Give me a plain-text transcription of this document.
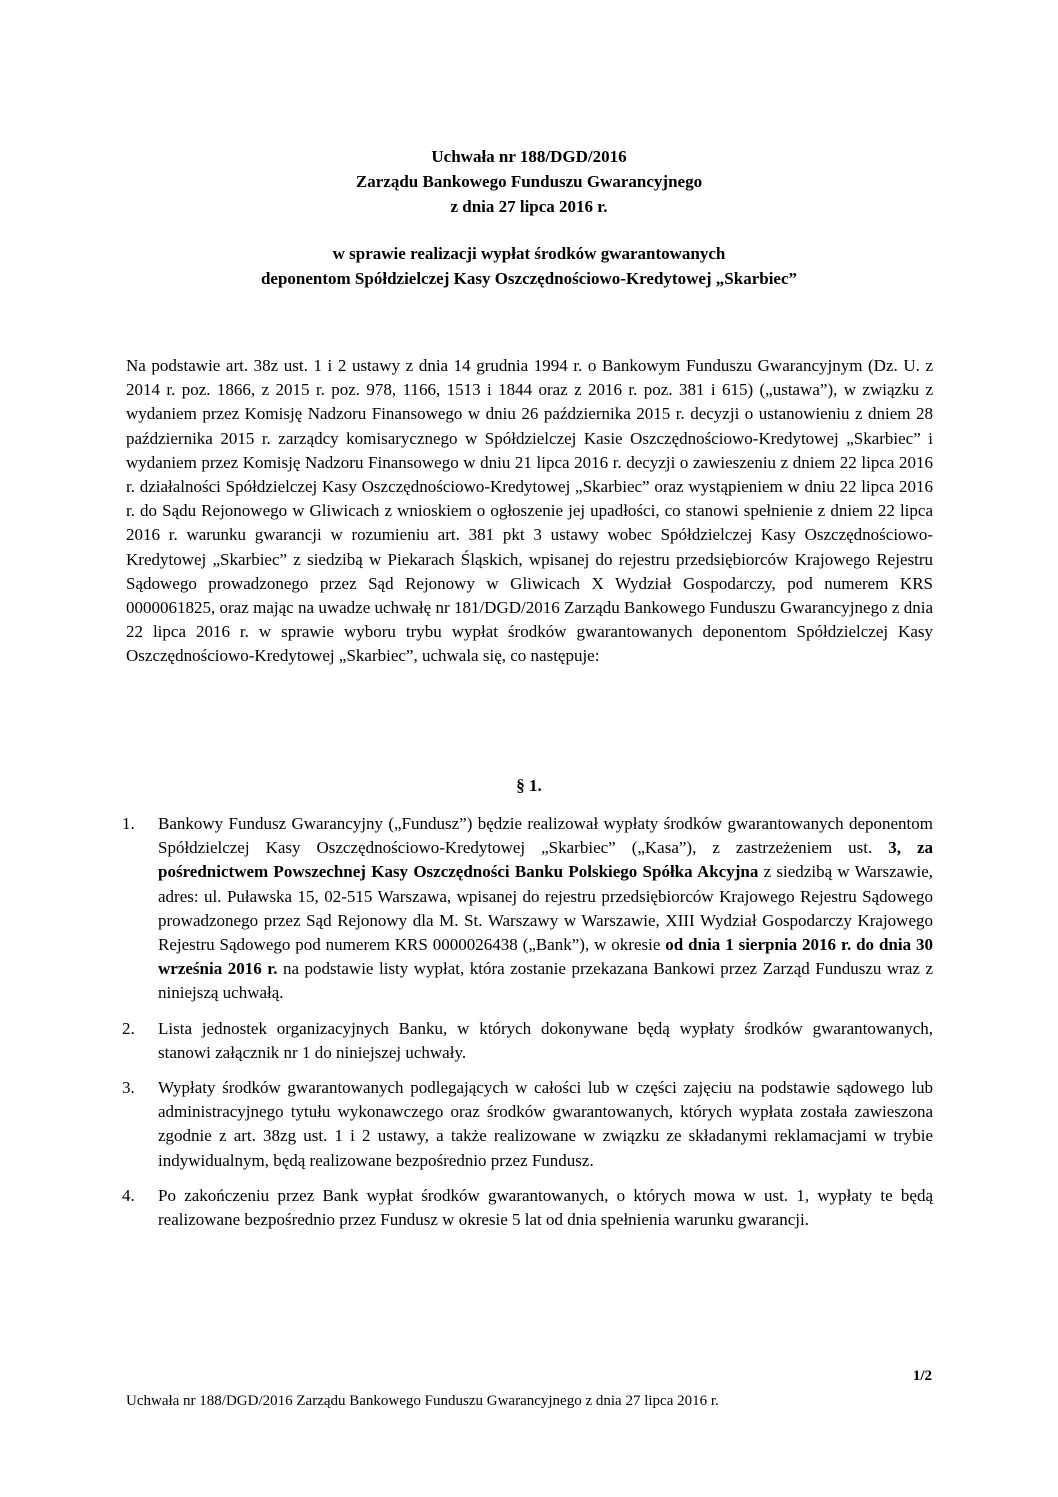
Uchwała nr 188/DGD/2016
Zarządu Bankowego Funduszu Gwarancyjnego
z dnia 27 lipca 2016 r.
w sprawie realizacji wypłat środków gwarantowanych
deponentom Spółdzielczej Kasy Oszczędnościowo-Kredytowej „Skarbiec”
Na podstawie art. 38z ust. 1 i 2 ustawy z dnia 14 grudnia 1994 r. o Bankowym Funduszu Gwarancyjnym (Dz. U. z 2014 r. poz. 1866, z 2015 r. poz. 978, 1166, 1513 i 1844 oraz z 2016 r. poz. 381 i 615) („ustawa”), w związku z wydaniem przez Komisję Nadzoru Finansowego w dniu 26 października 2015 r. decyzji o ustanowieniu z dniem 28 października 2015 r. zarządcy komisarycznego w Spółdzielczej Kasie Oszczędnościowo-Kredytowej „Skarbiec” i wydaniem przez Komisję Nadzoru Finansowego w dniu 21 lipca 2016 r. decyzji o zawieszeniu z dniem 22 lipca 2016 r. działalności Spółdzielczej Kasy Oszczędnościowo-Kredytowej „Skarbiec” oraz wystąpieniem w dniu 22 lipca 2016 r. do Sądu Rejonowego w Gliwicach z wnioskiem o ogłoszenie jej upadłości, co stanowi spełnienie z dniem 22 lipca 2016 r. warunku gwarancji w rozumieniu art. 381 pkt 3 ustawy wobec Spółdzielczej Kasy Oszczędnościowo-Kredytowej „Skarbiec” z siedzibą w Piekarach Śląskich, wpisanej do rejestru przedsiębiorców Krajowego Rejestru Sądowego prowadzonego przez Sąd Rejonowy w Gliwicach X Wydział Gospodarczy, pod numerem KRS 0000061825, oraz mając na uwadze uchwałę nr 181/DGD/2016 Zarządu Bankowego Funduszu Gwarancyjnego z dnia 22 lipca 2016 r. w sprawie wyboru trybu wypłat środków gwarantowanych deponentom Spółdzielczej Kasy Oszczędnościowo-Kredytowej „Skarbiec”, uchwala się, co następuje:
§ 1.
1. Bankowy Fundusz Gwarancyjny („Fundusz”) będzie realizował wypłaty środków gwarantowanych deponentom Spółdzielczej Kasy Oszczędnościowo-Kredytowej „Skarbiec” („Kasa”), z zastrzeżeniem ust. 3, za pośrednictwem Powszechnej Kasy Oszczędności Banku Polskiego Spółka Akcyjna z siedzibą w Warszawie, adres: ul. Puławska 15, 02-515 Warszawa, wpisanej do rejestru przedsiębiorców Krajowego Rejestru Sądowego prowadzonego przez Sąd Rejonowy dla M. St. Warszawy w Warszawie, XIII Wydział Gospodarczy Krajowego Rejestru Sądowego pod numerem KRS 0000026438 („Bank”), w okresie od dnia 1 sierpnia 2016 r. do dnia 30 września 2016 r. na podstawie listy wypłat, która zostanie przekazana Bankowi przez Zarząd Funduszu wraz z niniejszą uchwałą.
2. Lista jednostek organizacyjnych Banku, w których dokonywane będą wypłaty środków gwarantowanych, stanowi załącznik nr 1 do niniejszej uchwały.
3. Wypłaty środków gwarantowanych podlegających w całości lub w części zajęciu na podstawie sądowego lub administracyjnego tytułu wykonawczego oraz środków gwarantowanych, których wypłata została zawieszona zgodnie z art. 38zg ust. 1 i 2 ustawy, a także realizowane w związku ze składanymi reklamacjami w trybie indywidualnym, będą realizowane bezpośrednio przez Fundusz.
4. Po zakończeniu przez Bank wypłat środków gwarantowanych, o których mowa w ust. 1, wypłaty te będą realizowane bezpośrednio przez Fundusz w okresie 5 lat od dnia spełnienia warunku gwarancji.
1/2
Uchwała nr 188/DGD/2016 Zarządu Bankowego Funduszu Gwarancyjnego z dnia 27 lipca 2016 r.
